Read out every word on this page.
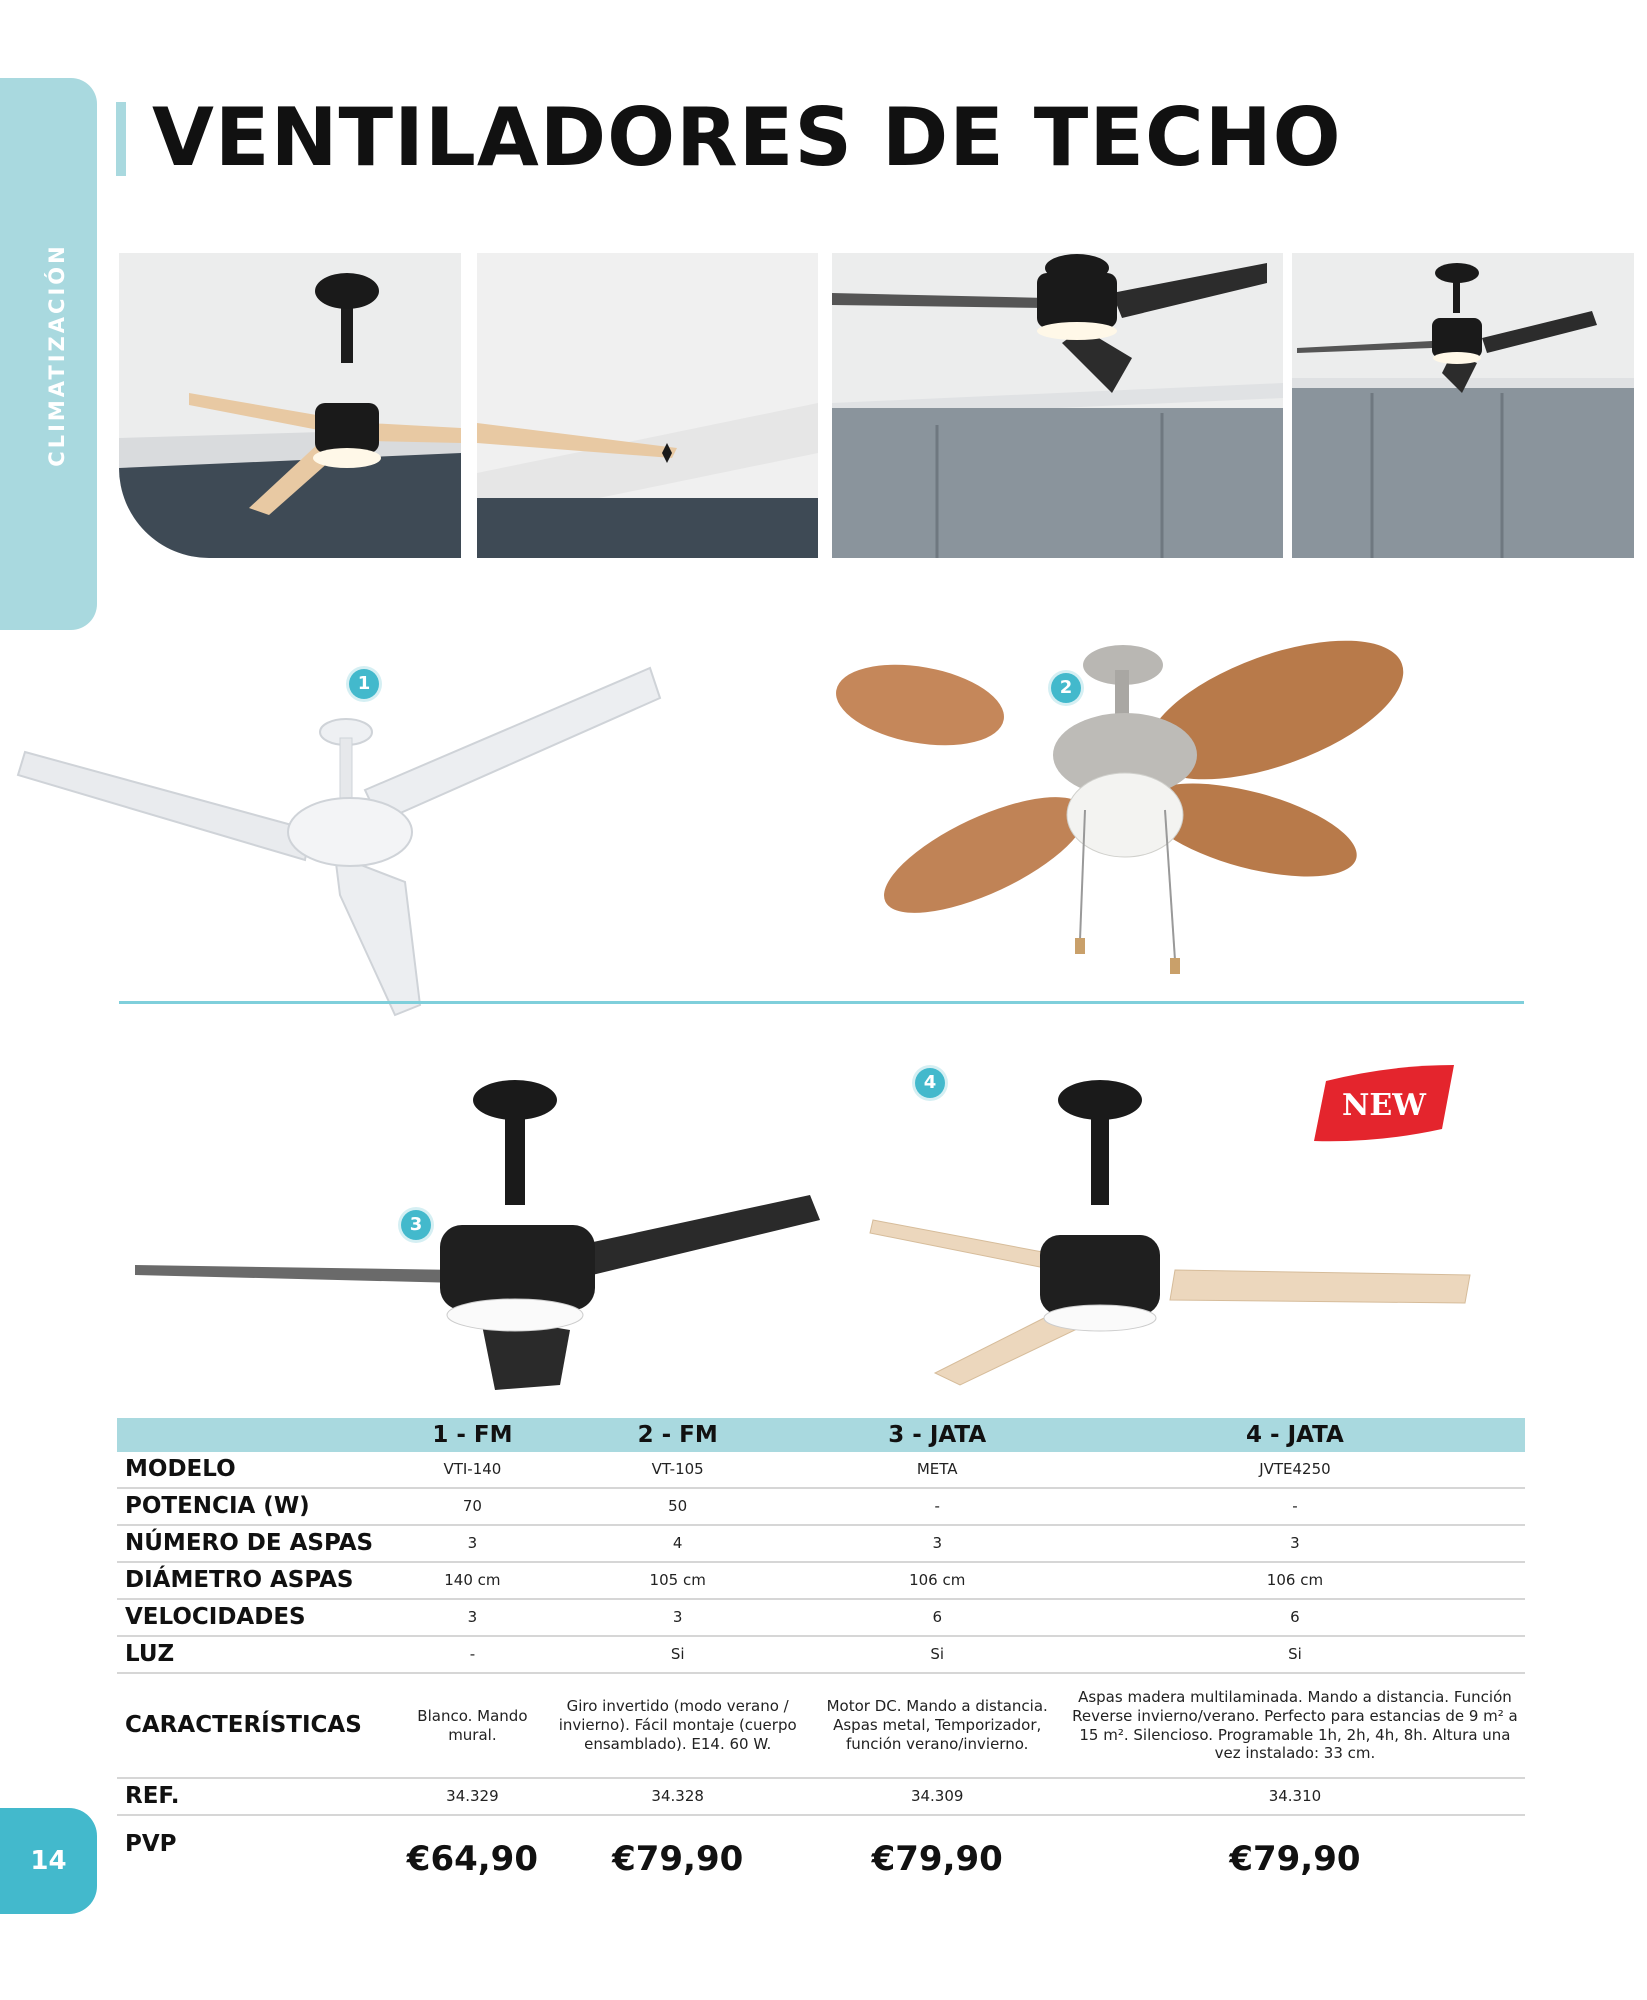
CLIMATIZACIÓN
14
VENTILADORES DE TECHO
1	2
3
4
NEW
	1 - FM	2 - FM	3 - JATA	4 - JATA
MODELO	VTI-140	VT-105	META	JVTE4250
POTENCIA (W)	70	50	-	-
NÚMERO DE ASPAS	3	4	3	3
DIÁMETRO ASPAS	140 cm	105 cm	106 cm	106 cm
VELOCIDADES	3	3	6	6
LUZ	-	Si	Si	Si
CARACTERÍSTICAS	Blanco. Mando mural.	Giro invertido (modo verano / invierno). Fácil montaje (cuerpo ensamblado). E14. 60 W.	Motor DC. Mando a distancia. Aspas metal, Temporizador, función verano/invierno.	Aspas madera multilaminada. Mando a distancia. Función Reverse invierno/verano. Perfecto para estancias de 9 m² a 15 m². Silencioso. Programable 1h, 2h, 4h, 8h. Altura una vez instalado: 33 cm.
REF.	34.329	34.328	34.309	34.310
PVP	€64,90	€79,90	€79,90	€79,90
